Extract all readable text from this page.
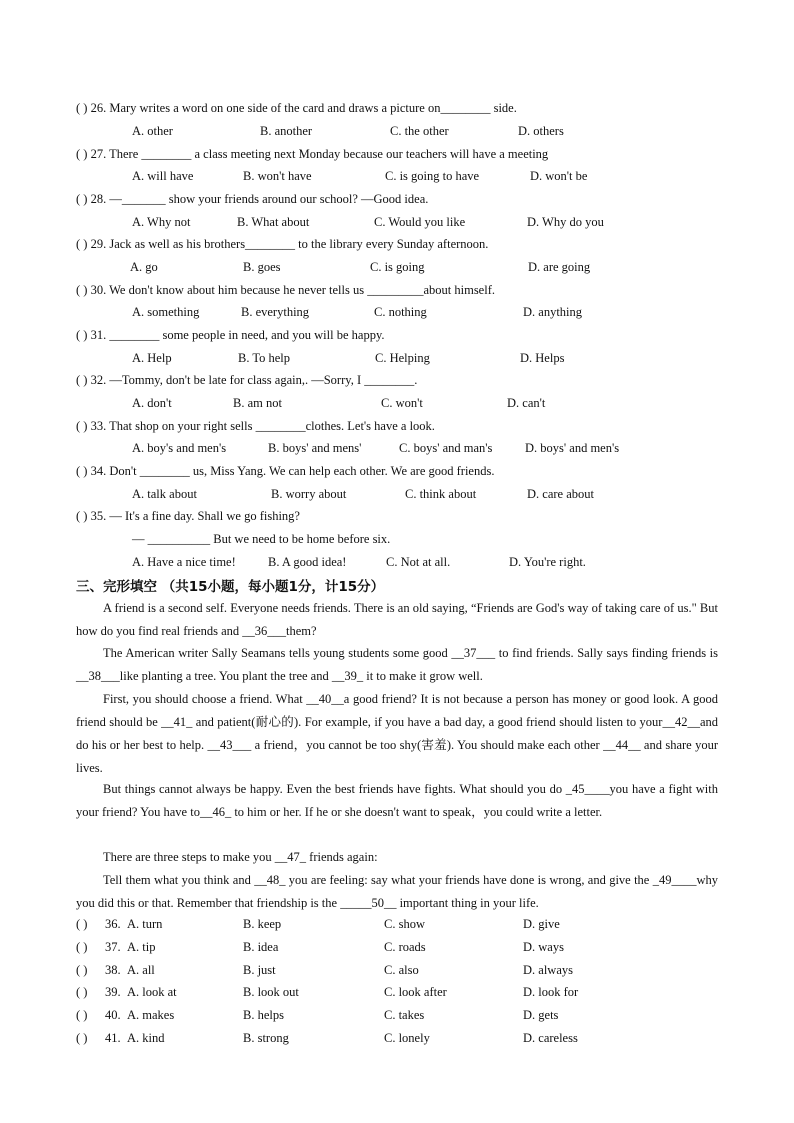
( ) 26. Mary writes a word on one side of the card and draws a picture on________ side.
A. other	B. another	C. the other	D. others
( ) 27. There ________ a class meeting next Monday because our teachers will have a meeting
A. will have	B. won't have	C. is going to have	D. won't be
( ) 28. —_______ show your friends around our school? —Good idea.
A. Why not	B. What about	C. Would you like	D. Why do you
( ) 29. Jack as well as his brothers________ to the library every Sunday afternoon.
A. go	B. goes	C. is going	D. are going
( ) 30. We don't know about him because he never tells us _________about himself.
A. something	B. everything	C. nothing	D. anything
( ) 31. ________ some people in need, and you will be happy.
A. Help	B. To help	C. Helping	D. Helps
( ) 32. —Tommy, don't be late for class again,. —Sorry, I ________.
A. don't	B. am not	C. won't	D. can't
( ) 33. That shop on your right sells ________clothes. Let's have a look.
A. boy's and men's	B. boys' and mens'	C. boys' and man's	D. boys' and men's
( ) 34. Don't ________ us, Miss Yang. We can help each other. We are good friends.
A. talk about	B. worry about	C. think about	D. care about
( ) 35. — It's a fine day. Shall we go fishing?
— __________ But we need to be home before six.
A. Have a nice time!	B. A good idea!	C. Not at all.	D. You're right.
三、完形填空 （共15小题，每小题1分，计15分）
A friend is a second self. Everyone needs friends. There is an old saying, “Friends are God's way of taking care of us." But how do you find real friends and __36___them?
The American writer Sally Seamans tells young students some good __37___ to find friends. Sally says finding friends is __38___like planting a tree. You plant the tree and __39_ it to make it grow well.
First, you should choose a friend. What __40__a good friend? It is not because a person has money or good look. A good friend should be __41_ and patient(耐心的). For example, if you have a bad day, a good friend should listen to your__42__and do his or her best to help. __43___ a friend，you cannot be too shy(害羞). You should make each other __44__ and share your lives.
But things cannot always be happy. Even the best friends have fights. What should you do _45____you have a fight with your friend? You have to__46_ to him or her. If he or she doesn't want to speak，you could write a letter.
There are three steps to make you __47_ friends again:
Tell them what you think and __48_ you are feeling: say what your friends have done is wrong, and give the _49____why you did this or that. Remember that friendship is the _____50__ important thing in your life.
( ) 36. A. turn	B. keep	C. show	D. give
( ) 37. A. tip	B. idea	C. roads	D. ways
( ) 38. A. all	B. just	C. also	D. always
( ) 39. A. look at	B. look out	C. look after	D. look for
( ) 40. A. makes	B. helps	C. takes	D. gets
( ) 41. A. kind	B. strong	C. lonely	D. careless
